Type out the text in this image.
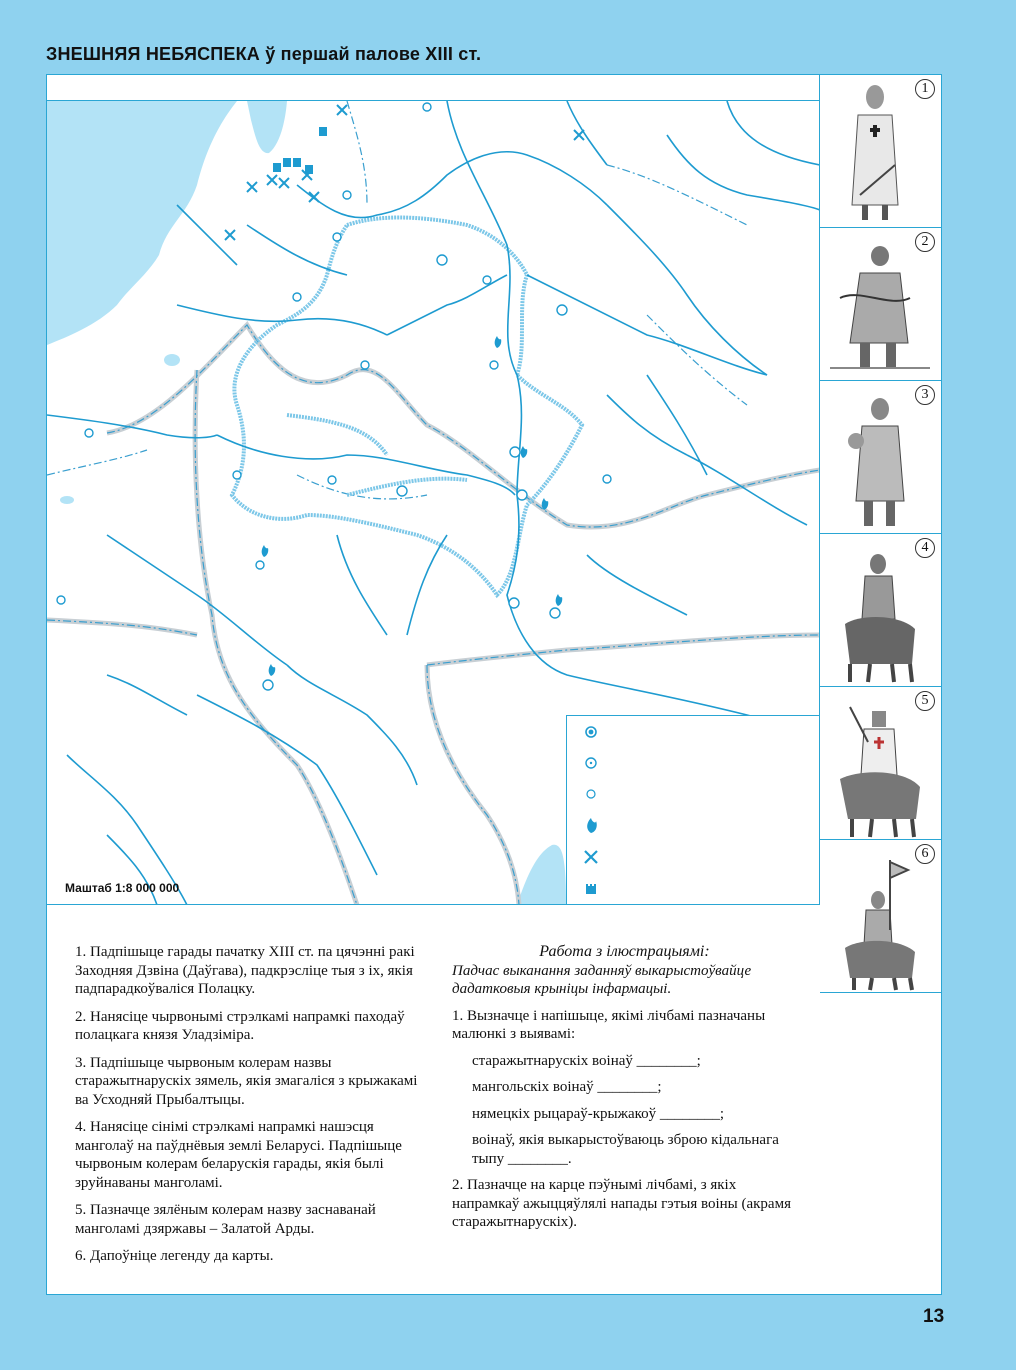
ЗНЕШНЯЯ НЕБЯСПЕКА ў першай палове XIII ст.
Маштаб 1:8 000 000
1
2
3
4
5
6

1. Падпішыце гарады пачатку XIII ст. па цячэнні ракі Заходняя Дзвіна (Даўгава), падкрэсліце тыя з іх, якія падпарадкоўваліся Полацку.

2. Нанясіце чырвонымі стрэлкамі напрамкі паходаў полацкага князя Уладзіміра.

3. Падпішыце чырвоным колерам назвы старажытнарускіх зямель, якія змагаліся з крыжакамі ва Усходняй Прыбалтыцы.

4. Нанясіце сінімі стрэлкамі напрамкі нашэсця манголаў на паўднёвыя землі Беларусі. Падпішыце чырвоным колерам беларускія гарады, якія былі зруйнаваны манголамі.

5. Пазначце зялёным колерам назву заснаванай манголамі дзяржавы – Залатой Арды.

6. Дапоўніце легенду да карты.

Работа з ілюстрацыямі:

Падчас выканання заданняў выкарыстоўвайце дадатковыя крыніцы інфармацыі.

1. Вызначце і напішыце, якімі лічбамі пазначаны малюнкі з выявамі:

старажытнарускіх воінаў ________;

мангольскіх воінаў ________;

нямецкіх рыцараў-крыжакоў ________;

воінаў, якія выкарыстоўваюць зброю кідальнага тыпу ________.

2. Пазначце на карце пэўнымі лічбамі, з якіх напрамкаў ажыццяўлялі напады гэтыя воіны (акрамя старажытнарускіх).

13
